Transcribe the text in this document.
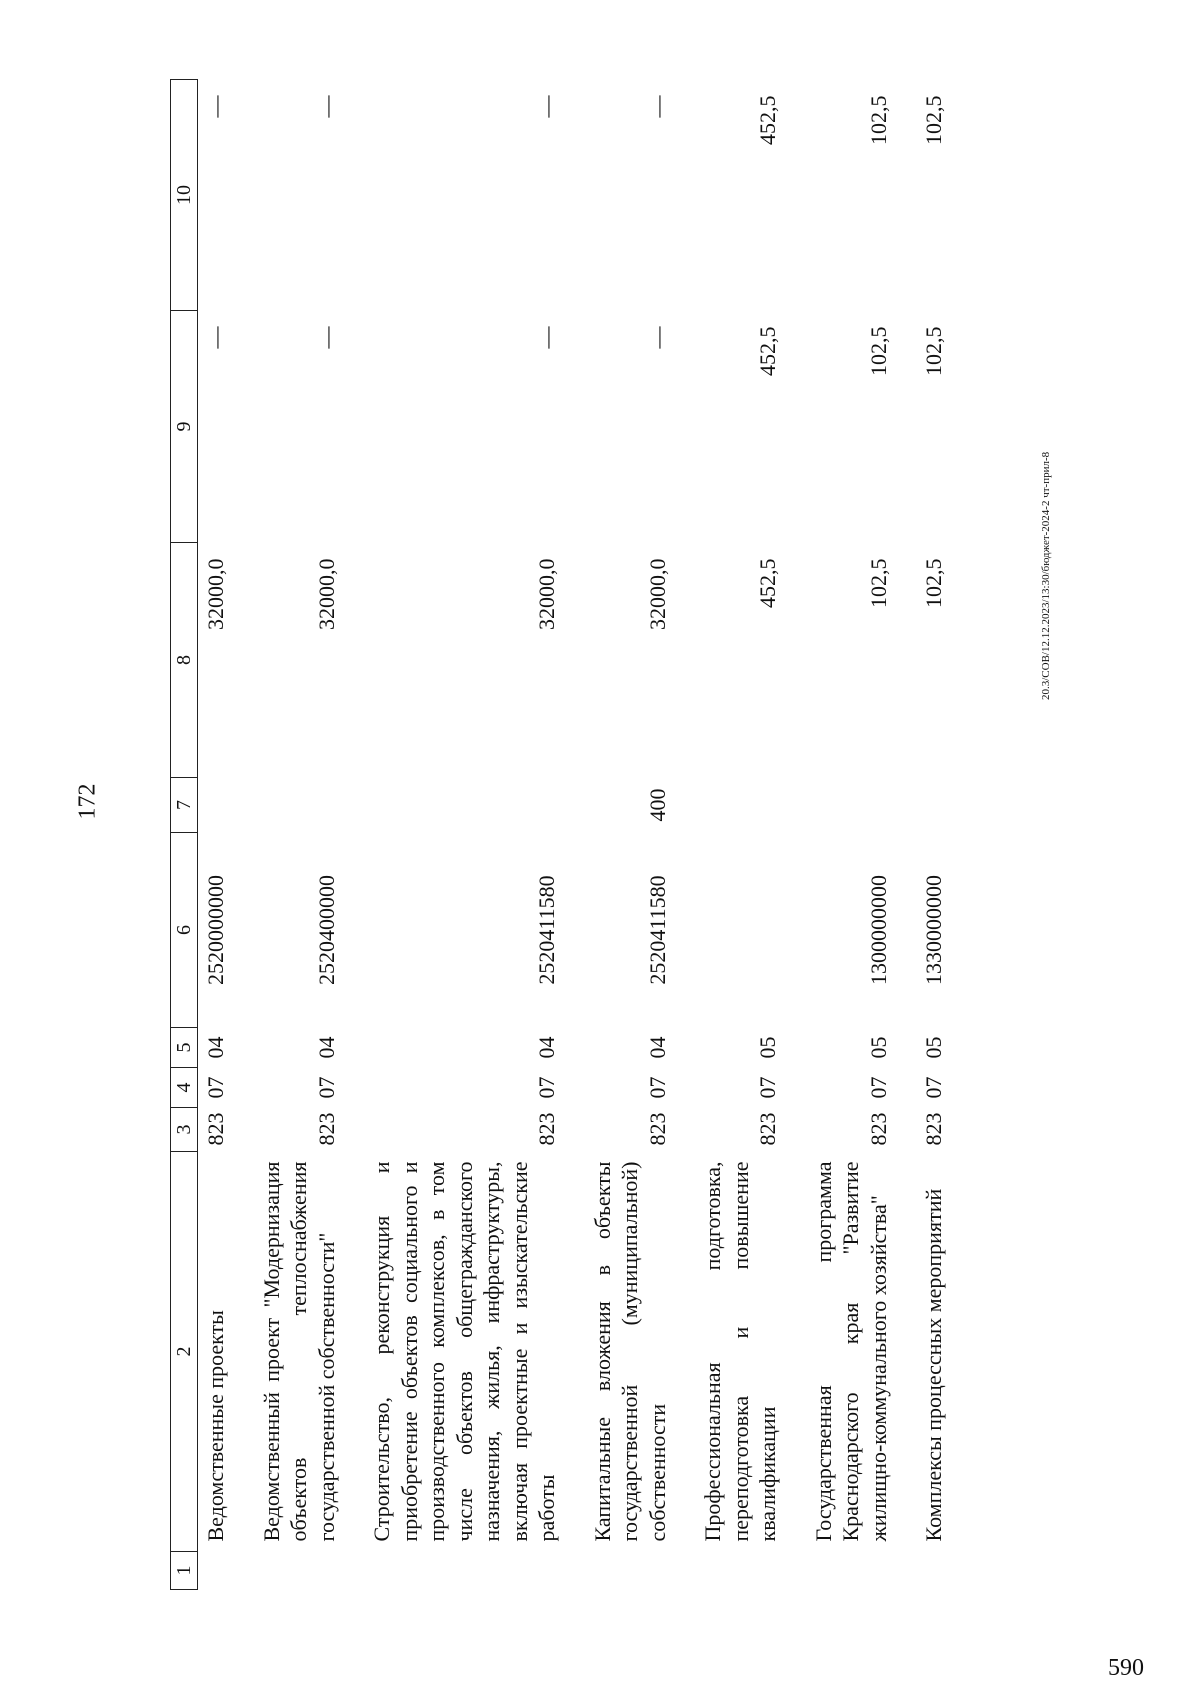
172
20.3/СОВ/12.12.2023/13:30/бюджет-2024-2 чт-прил-8
590
1	2	3	4	5	6	7	8	9	10
	Ведомственные проекты	823	07	04	2520000000		32000,0	—	—
	Ведомственный проект "Модернизация объектов теплоснабжения государственной собственности"	823	07	04	2520400000		32000,0	—	—
	Строительство, реконструкция и приобретение объектов социального и производственного комплексов, в том числе объектов общегражданского назначения, жилья, инфраструктуры, включая проектные и изыскательские работы	823	07	04	2520411580		32000,0	—	—
	Капитальные вложения в объекты государственной (муниципальной) собственности	823	07	04	2520411580	400	32000,0	—	—
	Профессиональная подготовка, переподготовка и повышение квалификации	823	07	05			452,5	452,5	452,5
	Государственная программа Краснодарского края "Развитие жилищно-коммунального хозяйства"	823	07	05	1300000000		102,5	102,5	102,5
	Комплексы процессных мероприятий	823	07	05	1330000000		102,5	102,5	102,5
